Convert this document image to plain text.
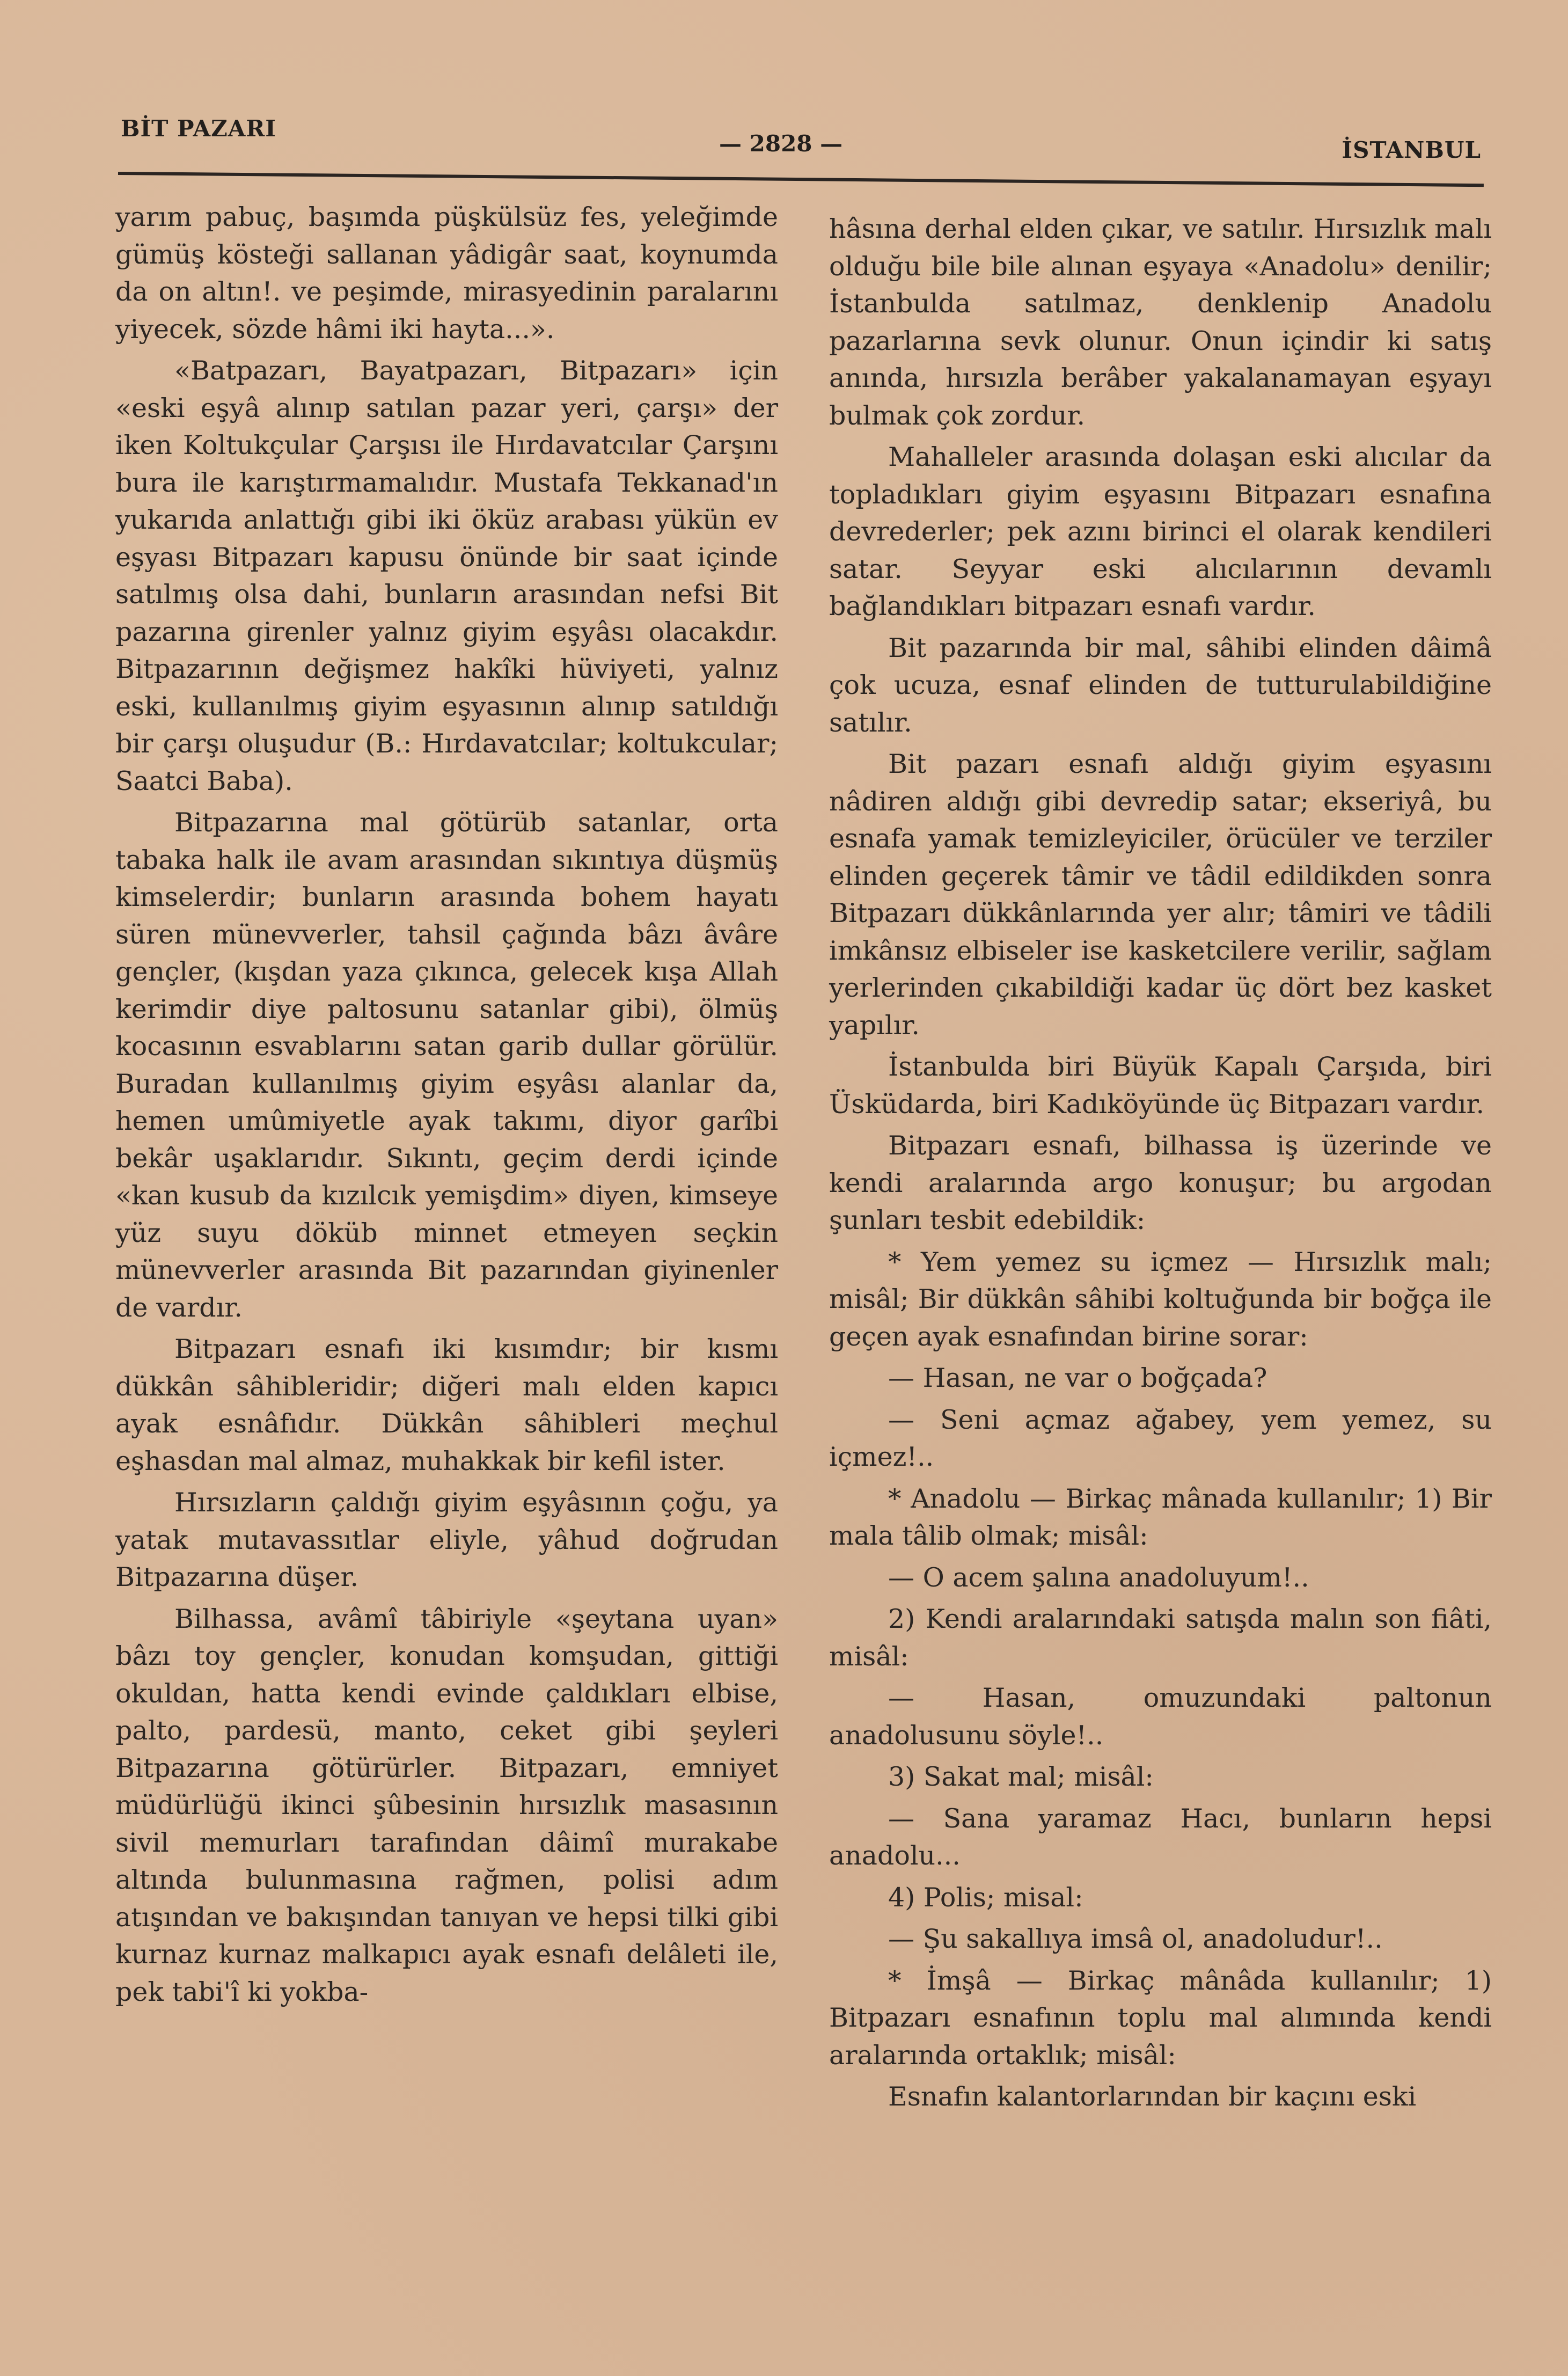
BİT PAZARI
— 2828 —	İSTANBUL

yarım pabuç, başımda püşkülsüz fes, yeleğimde gümüş kösteği sallanan yâdigâr saat, koynumda da on altın!. ve peşimde, mirasyedinin paralarını yiyecek, sözde hâmi iki hayta...».

«Batpazarı, Bayatpazarı, Bitpazarı» için «eski eşyâ alınıp satılan pazar yeri, çarşı» der iken Koltukçular Çarşısı ile Hırdavatcılar Çarşını bura ile karıştırmamalıdır. Mustafa Tekkanad'ın yukarıda anlattığı gibi iki öküz arabası yükün ev eşyası Bitpazarı kapusu önünde bir saat içinde satılmış olsa dahi, bunların arasından nefsi Bit pazarına girenler yalnız giyim eşyâsı olacakdır. Bitpazarının değişmez hakîki hüviyeti, yalnız eski, kullanılmış giyim eşyasının alınıp satıldığı bir çarşı oluşudur (B.: Hırdavatcılar; koltukcular; Saatci Baba).

Bitpazarına mal götürüb satanlar, orta tabaka halk ile avam arasından sıkıntıya düşmüş kimselerdir; bunların arasında bohem hayatı süren münevverler, tahsil çağında bâzı âvâre gençler, (kışdan yaza çıkınca, gelecek kışa Allah kerimdir diye paltosunu satanlar gibi), ölmüş kocasının esvablarını satan garib dullar görülür. Buradan kullanılmış giyim eşyâsı alanlar da, hemen umûmiyetle ayak takımı, diyor garîbi bekâr uşaklarıdır. Sıkıntı, geçim derdi içinde «kan kusub da kızılcık yemişdim» diyen, kimseye yüz suyu döküb minnet etmeyen seçkin münevverler arasında Bit pazarından giyinenler de vardır.

Bitpazarı esnafı iki kısımdır; bir kısmı dükkân sâhibleridir; diğeri malı elden kapıcı ayak esnâfıdır. Dükkân sâhibleri meçhul eşhasdan mal almaz, muhakkak bir kefil ister.

Hırsızların çaldığı giyim eşyâsının çoğu, ya yatak mutavassıtlar eliyle, yâhud doğrudan Bitpazarına düşer.

Bilhassa, avâmî tâbiriyle «şeytana uyan» bâzı toy gençler, konudan komşudan, gittiği okuldan, hatta kendi evinde çaldıkları elbise, palto, pardesü, manto, ceket gibi şeyleri Bitpazarına götürürler. Bitpazarı, emniyet müdürlüğü ikinci şûbesinin hırsızlık masasının sivil memurları tarafından dâimî murakabe altında bulunmasına rağmen, polisi adım atışından ve bakışından tanıyan ve hepsi tilki gibi kurnaz kurnaz malkapıcı ayak esnafı delâleti ile, pek tabi'î ki yokba-

hâsına derhal elden çıkar, ve satılır. Hırsızlık malı olduğu bile bile alınan eşyaya «Anadolu» denilir; İstanbulda satılmaz, denklenip Anadolu pazarlarına sevk olunur. Onun içindir ki satış anında, hırsızla berâber yakalanamayan eşyayı bulmak çok zordur.

Mahalleler arasında dolaşan eski alıcılar da topladıkları giyim eşyasını Bitpazarı esnafına devrederler; pek azını birinci el olarak kendileri satar. Seyyar eski alıcılarının devamlı bağlandıkları bitpazarı esnafı vardır.

Bit pazarında bir mal, sâhibi elinden dâimâ çok ucuza, esnaf elinden de tutturulabildiğine satılır.

Bit pazarı esnafı aldığı giyim eşyasını nâdiren aldığı gibi devredip satar; ekseriyâ, bu esnafa yamak temizleyiciler, örücüler ve terziler elinden geçerek tâmir ve tâdil edildikden sonra Bitpazarı dükkânlarında yer alır; tâmiri ve tâdili imkânsız elbiseler ise kasketcilere verilir, sağlam yerlerinden çıkabildiği kadar üç dört bez kasket yapılır.

İstanbulda biri Büyük Kapalı Çarşıda, biri Üsküdarda, biri Kadıköyünde üç Bitpazarı vardır.

Bitpazarı esnafı, bilhassa iş üzerinde ve kendi aralarında argo konuşur; bu argodan şunları tesbit edebildik:

* Yem yemez su içmez — Hırsızlık malı; misâl; Bir dükkân sâhibi koltuğunda bir boğça ile geçen ayak esnafından birine sorar:

— Hasan, ne var o boğçada?

— Seni açmaz ağabey, yem yemez, su içmez!..

* Anadolu — Birkaç mânada kullanılır; 1) Bir mala tâlib olmak; misâl:

— O acem şalına anadoluyum!..

2) Kendi aralarındaki satışda malın son fiâti, misâl:

— Hasan, omuzundaki paltonun anadolusunu söyle!..

3) Sakat mal; misâl:

— Sana yaramaz Hacı, bunların hepsi anadolu...

4) Polis; misal:

— Şu sakallıya imsâ ol, anadoludur!..

* İmşâ — Birkaç mânâda kullanılır; 1) Bitpazarı esnafının toplu mal alımında kendi aralarında ortaklık; misâl:

Esnafın kalantorlarından bir kaçını eski
